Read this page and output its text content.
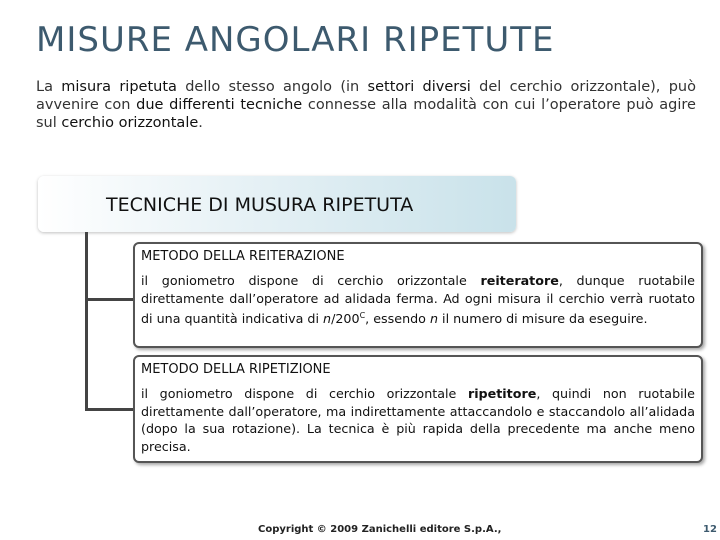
MISURE ANGOLARI RIPETUTE

La misura ripetuta dello stesso angolo (in settori diversi del cerchio orizzontale), può avvenire con due differenti tecniche connesse alla modalità con cui l’operatore può agire sul cerchio orizzontale.

TECNICHE DI MUSURA RIPETUTA

METODO DELLA REITERAZIONE

il goniometro dispone di cerchio orizzontale reiteratore, dunque ruotabile direttamente dall’operatore ad alidada ferma. Ad ogni misura il cerchio verrà ruotato di una quantità indicativa di $n/200^C$, essendo n il numero di misure da eseguire.

METODO DELLA RIPETIZIONE

il goniometro dispone di cerchio orizzontale ripetitore, quindi non ruotabile direttamente dall’operatore, ma indirettamente attaccandolo e staccandolo all’alidada (dopo la sua rotazione). La tecnica è più rapida della precedente ma anche meno precisa.

Copyright © 2009 Zanichelli editore S.p.A.,	12
